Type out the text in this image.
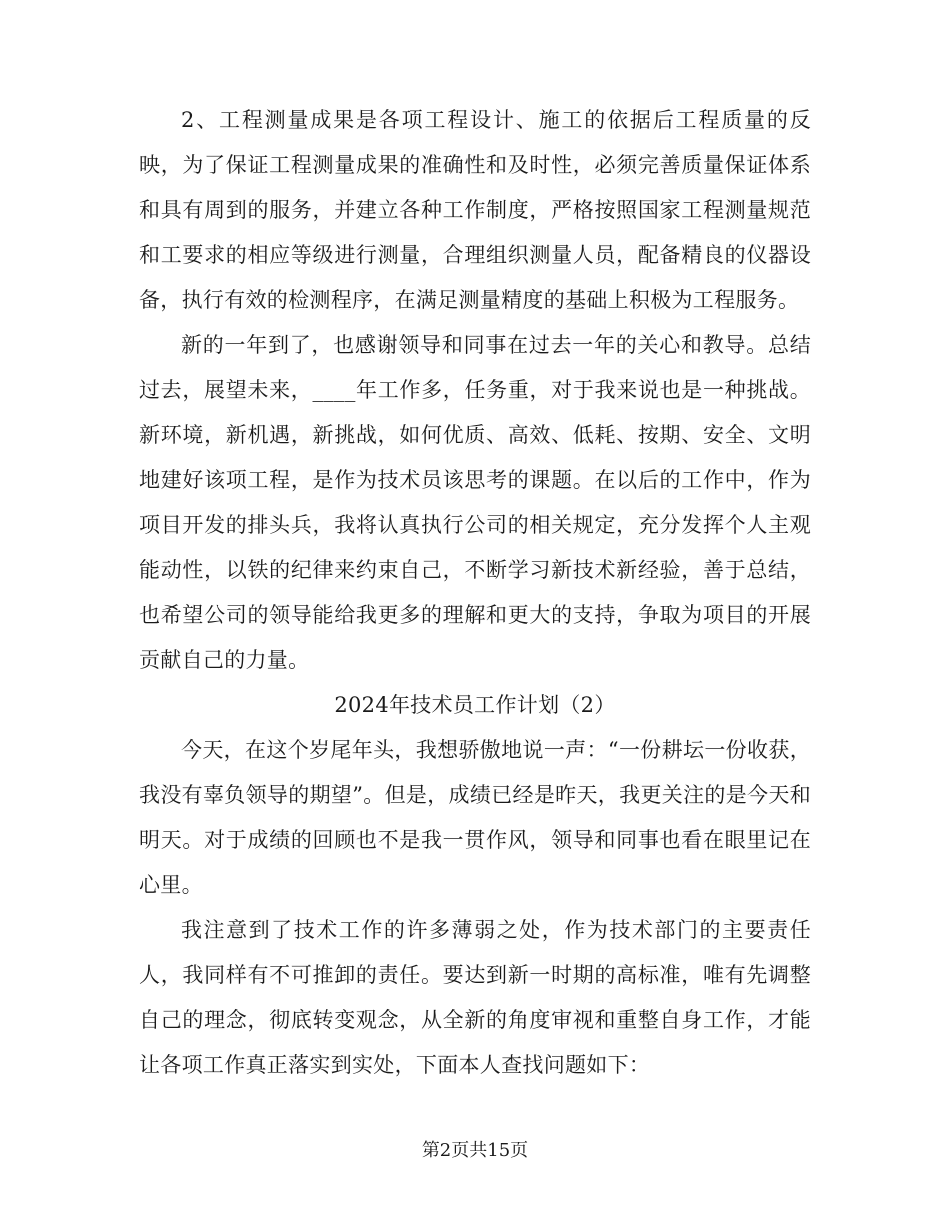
2、工程测量成果是各项工程设计、施工的依据后工程质量的反映，为了保证工程测量成果的准确性和及时性，必须完善质量保证体系和具有周到的服务，并建立各种工作制度，严格按照国家工程测量规范和工要求的相应等级进行测量，合理组织测量人员，配备精良的仪器设备，执行有效的检测程序，在满足测量精度的基础上积极为工程服务。

新的一年到了，也感谢领导和同事在过去一年的关心和教导。总结过去，展望未来，____年工作多，任务重，对于我来说也是一种挑战。新环境，新机遇，新挑战，如何优质、高效、低耗、按期、安全、文明地建好该项工程，是作为技术员该思考的课题。在以后的工作中，作为项目开发的排头兵，我将认真执行公司的相关规定，充分发挥个人主观能动性，以铁的纪律来约束自己，不断学习新技术新经验，善于总结，也希望公司的领导能给我更多的理解和更大的支持，争取为项目的开展贡献自己的力量。

2024年技术员工作计划（2）

今天，在这个岁尾年头，我想骄傲地说一声：“一份耕坛一份收获，我没有辜负领导的期望”。但是，成绩已经是昨天，我更关注的是今天和明天。对于成绩的回顾也不是我一贯作风，领导和同事也看在眼里记在心里。

我注意到了技术工作的许多薄弱之处，作为技术部门的主要责任人，我同样有不可推卸的责任。要达到新一时期的高标准，唯有先调整自己的理念，彻底转变观念，从全新的角度审视和重整自身工作，才能让各项工作真正落实到实处，下面本人查找问题如下：

第2页共15页
